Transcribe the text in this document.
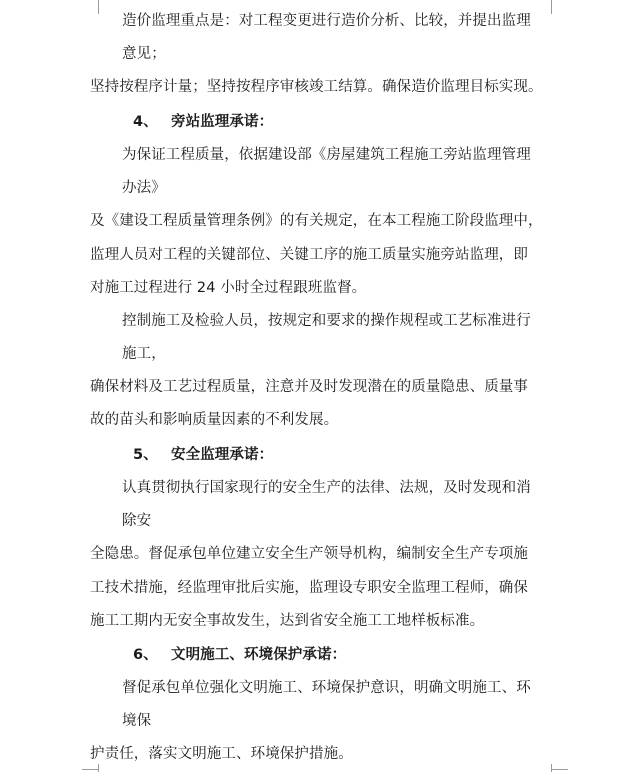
造价监理重点是：对工程变更进行造价分析、比较，并提出监理
意见；
坚持按程序计量；坚持按程序审核竣工结算。确保造价监理目标实现。
4、 旁站监理承诺：
为保证工程质量，依据建设部《房屋建筑工程施工旁站监理管理
办法》
及《建设工程质量管理条例》的有关规定，在本工程施工阶段监理中，
监理人员对工程的关键部位、关键工序的施工质量实施旁站监理，即
对施工过程进行 24 小时全过程跟班监督。
控制施工及检验人员，按规定和要求的操作规程或工艺标准进行
施工，
确保材料及工艺过程质量，注意并及时发现潜在的质量隐患、质量事
故的苗头和影响质量因素的不利发展。
5、 安全监理承诺：
认真贯彻执行国家现行的安全生产的法律、法规，及时发现和消
除安
全隐患。督促承包单位建立安全生产领导机构，编制安全生产专项施
工技术措施，经监理审批后实施，监理设专职安全监理工程师，确保
施工工期内无安全事故发生，达到省安全施工工地样板标准。
6、 文明施工、环境保护承诺：
督促承包单位强化文明施工、环境保护意识，明确文明施工、环
境保
护责任，落实文明施工、环境保护措施。
